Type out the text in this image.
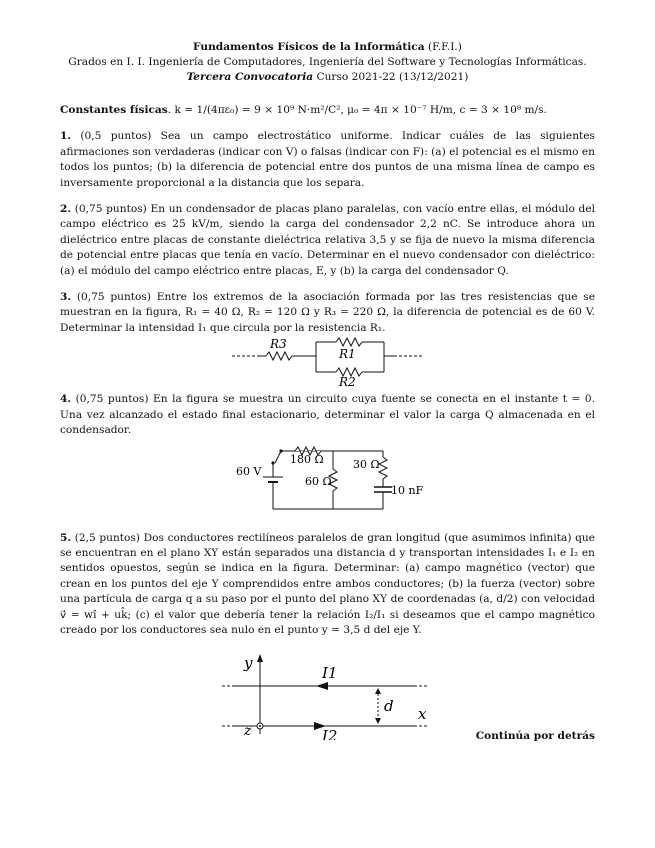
Fundamentos Físicos de la Informática (F.F.I.)
Grados en I. I. Ingeniería de Computadores, Ingeniería del Software y Tecnologías Informáticas.
Tercera Convocatoria Curso 2021-22 (13/12/2021)
Constantes físicas. k = 1/(4πε₀) = 9 × 10⁹ N·m²/C², μ₀ = 4π × 10⁻⁷ H/m, c = 3 × 10⁸ m/s.
1. (0,5 puntos) Sea un campo electrostático uniforme. Indicar cuáles de las siguientes afirmaciones son verdaderas (indicar con V) o falsas (indicar con F): (a) el potencial es el mismo en todos los puntos; (b) la diferencia de potencial entre dos puntos de una misma línea de campo es inversamente proporcional a la distancia que los separa.
2. (0,75 puntos) En un condensador de placas plano paralelas, con vacío entre ellas, el módulo del campo eléctrico es 25 kV/m, siendo la carga del condensador 2,2 nC. Se introduce ahora un dieléctrico entre placas de constante dieléctrica relativa 3,5 y se fija de nuevo la misma diferencia de potencial entre placas que tenía en vacío. Determinar en el nuevo condensador con dieléctrico: (a) el módulo del campo eléctrico entre placas, E, y (b) la carga del condensador Q.
3. (0,75 puntos) Entre los extremos de la asociación formada por las tres resistencias que se muestran en la figura, R₁ = 40 Ω, R₂ = 120 Ω y R₃ = 220 Ω, la diferencia de potencial es de 60 V. Determinar la intensidad I₁ que circula por la resistencia R₁.
R3
R1
R2
4. (0,75 puntos) En la figura se muestra un circuito cuya fuente se conecta en el instante t = 0. Una vez alcanzado el estado final estacionario, determinar el valor la carga Q almacenada en el condensador.
60 V
180 Ω
60 Ω
30 Ω
10 nF
5. (2,5 puntos) Dos conductores rectilíneos paralelos de gran longitud (que asumimos infinita) que se encuentran en el plano XY están separados una distancia d y transportan intensidades I₁ e I₂ en sentidos opuestos, según se indica en la figura. Determinar: (a) campo magnético (vector) que crean en los puntos del eje Y comprendidos entre ambos conductores; (b) la fuerza (vector) sobre una partícula de carga q a su paso por el punto del plano XY de coordenadas (a, d/2) con velocidad v⃗ = wî + uk̂; (c) el valor que debería tener la relación I₂/I₁ si deseamos que el campo magnético creado por los conductores sea nulo en el punto y = 3,5 d del eje Y.
y
x
z
I1
I2
d
Continúa por detrás
